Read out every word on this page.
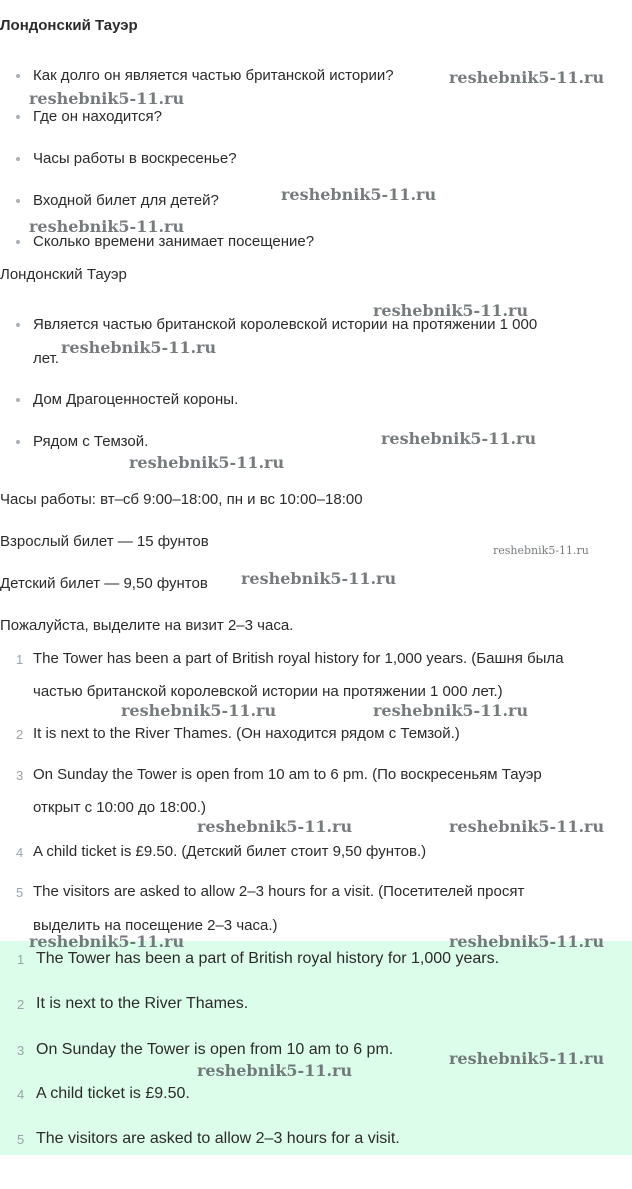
Лондонский Тауэр
Как долго он является частью британской истории?
Где он находится?
Часы работы в воскресенье?
Входной билет для детей?
Сколько времени занимает посещение?
Лондонский Тауэр
Является частью британской королевской истории на протяжении 1 000
лет.
Дом Драгоценностей короны.
Рядом с Темзой.
Часы работы: вт–сб 9:00–18:00, пн и вс 10:00–18:00
Взрослый билет — 15 фунтов
Детский билет — 9,50 фунтов
Пожалуйста, выделите на визит 2–3 часа.
1 The Tower has been a part of British royal history for 1,000 years. (Башня была
частью британской королевской истории на протяжении 1 000 лет.)
2 It is next to the River Thames. (Он находится рядом с Темзой.)
3 On Sunday the Tower is open from 10 am to 6 pm. (По воскресеньям Тауэр
открыт с 10:00 до 18:00.)
4 A child ticket is £9.50. (Детский билет стоит 9,50 фунтов.)
5 The visitors are asked to allow 2–3 hours for a visit. (Посетителей просят
выделить на посещение 2–3 часа.)
1 The Tower has been a part of British royal history for 1,000 years.
2 It is next to the River Thames.
3 On Sunday the Tower is open from 10 am to 6 pm.
4 A child ticket is £9.50.
5 The visitors are asked to allow 2–3 hours for a visit.
reshebnik5-11.ru
reshebnik5-11.ru
reshebnik5-11.ru
reshebnik5-11.ru
reshebnik5-11.ru
reshebnik5-11.ru
reshebnik5-11.ru
reshebnik5-11.ru
reshebnik5-11.ru
reshebnik5-11.ru
reshebnik5-11.ru	reshebnik5-11.ru
reshebnik5-11.ru	reshebnik5-11.ru
reshebnik5-11.ru	reshebnik5-11.ru
reshebnik5-11.ru
reshebnik5-11.ru
